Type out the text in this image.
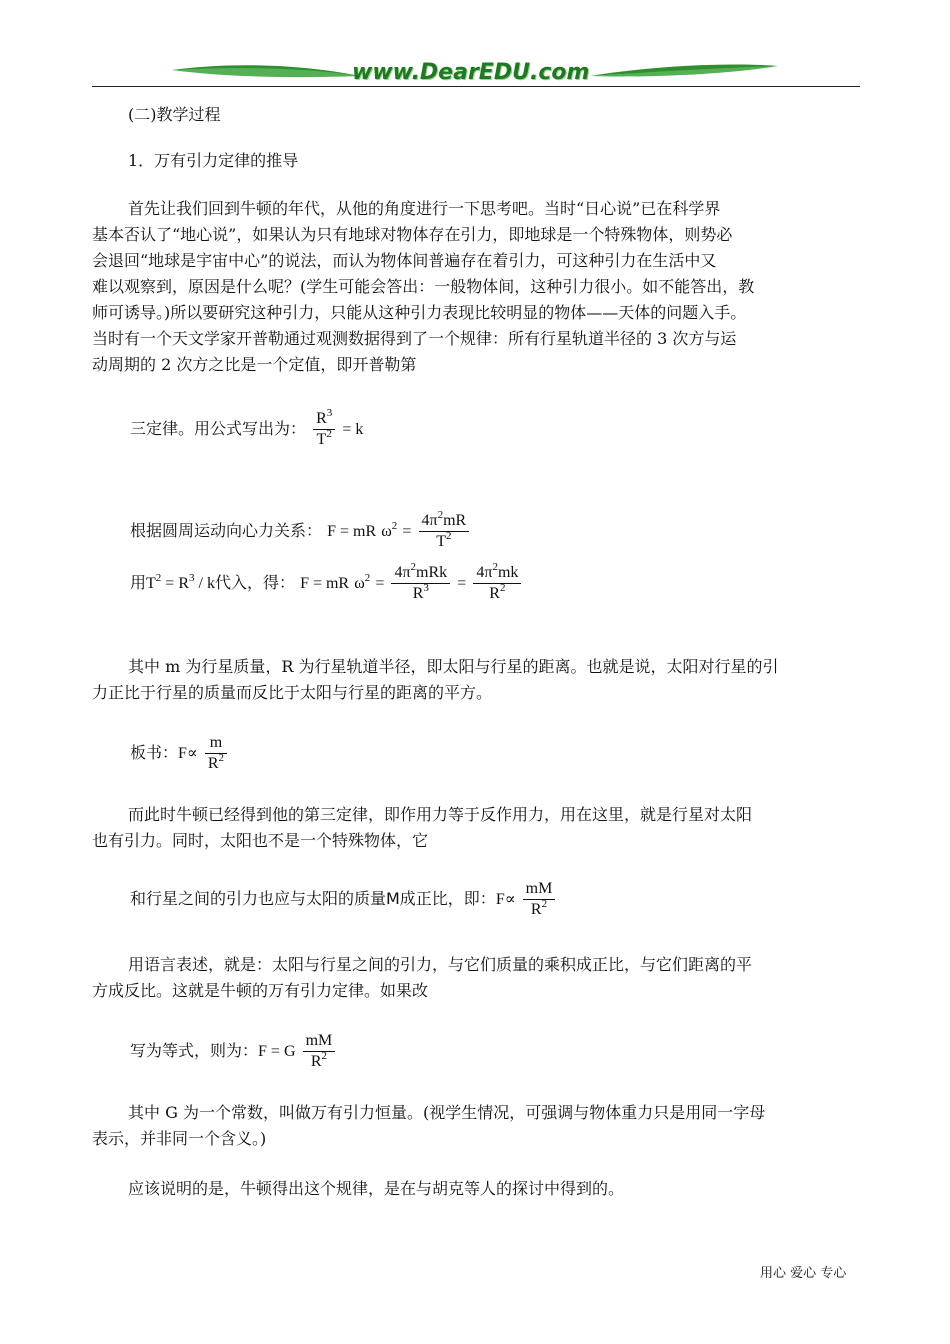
www.DearEDU.com
(二)教学过程
1．万有引力定律的推导
首先让我们回到牛顿的年代，从他的角度进行一下思考吧。当时“日心说”已在科学界
基本否认了“地心说”，如果认为只有地球对物体存在引力，即地球是一个特殊物体，则势必
会退回“地球是宇宙中心”的说法，而认为物体间普遍存在着引力，可这种引力在生活中又
难以观察到，原因是什么呢？(学生可能会答出：一般物体间，这种引力很小。如不能答出，教
师可诱导。)所以要研究这种引力，只能从这种引力表现比较明显的物体——天体的问题入手。
当时有一个天文学家开普勒通过观测数据得到了一个规律：所有行星轨道半径的 3 次方与运
动周期的 2 次方之比是一个定值，即开普勒第
三定律。用公式写出为： $\frac{R^3}{T^2} = k$
根据圆周运动向心力关系： F = mR $\omega^2 = \frac{4\pi^2mR}{T^2}$
用$T^2 = R^3 / k$代入，得： F = mR $\omega^2 = \frac{4\pi^2mRk}{R^3} = \frac{4\pi^2mk}{R^2}$
其中 m 为行星质量，R 为行星轨道半径，即太阳与行星的距离。也就是说，太阳对行星的引
力正比于行星的质量而反比于太阳与行星的距离的平方。
板书：$F\propto \frac{m}{R^2}$
而此时牛顿已经得到他的第三定律，即作用力等于反作用力，用在这里，就是行星对太阳
也有引力。同时，太阳也不是一个特殊物体，它
和行星之间的引力也应与太阳的质量M成正比，即：$F\propto \frac{mM}{R^2}$
用语言表述，就是：太阳与行星之间的引力，与它们质量的乘积成正比，与它们距离的平
方成反比。这就是牛顿的万有引力定律。如果改
写为等式，则为：F = G $\frac{mM}{R^2}$
其中 G 为一个常数，叫做万有引力恒量。(视学生情况，可强调与物体重力只是用同一字母
表示，并非同一个含义。)
应该说明的是，牛顿得出这个规律，是在与胡克等人的探讨中得到的。
用心 爱心 专心
